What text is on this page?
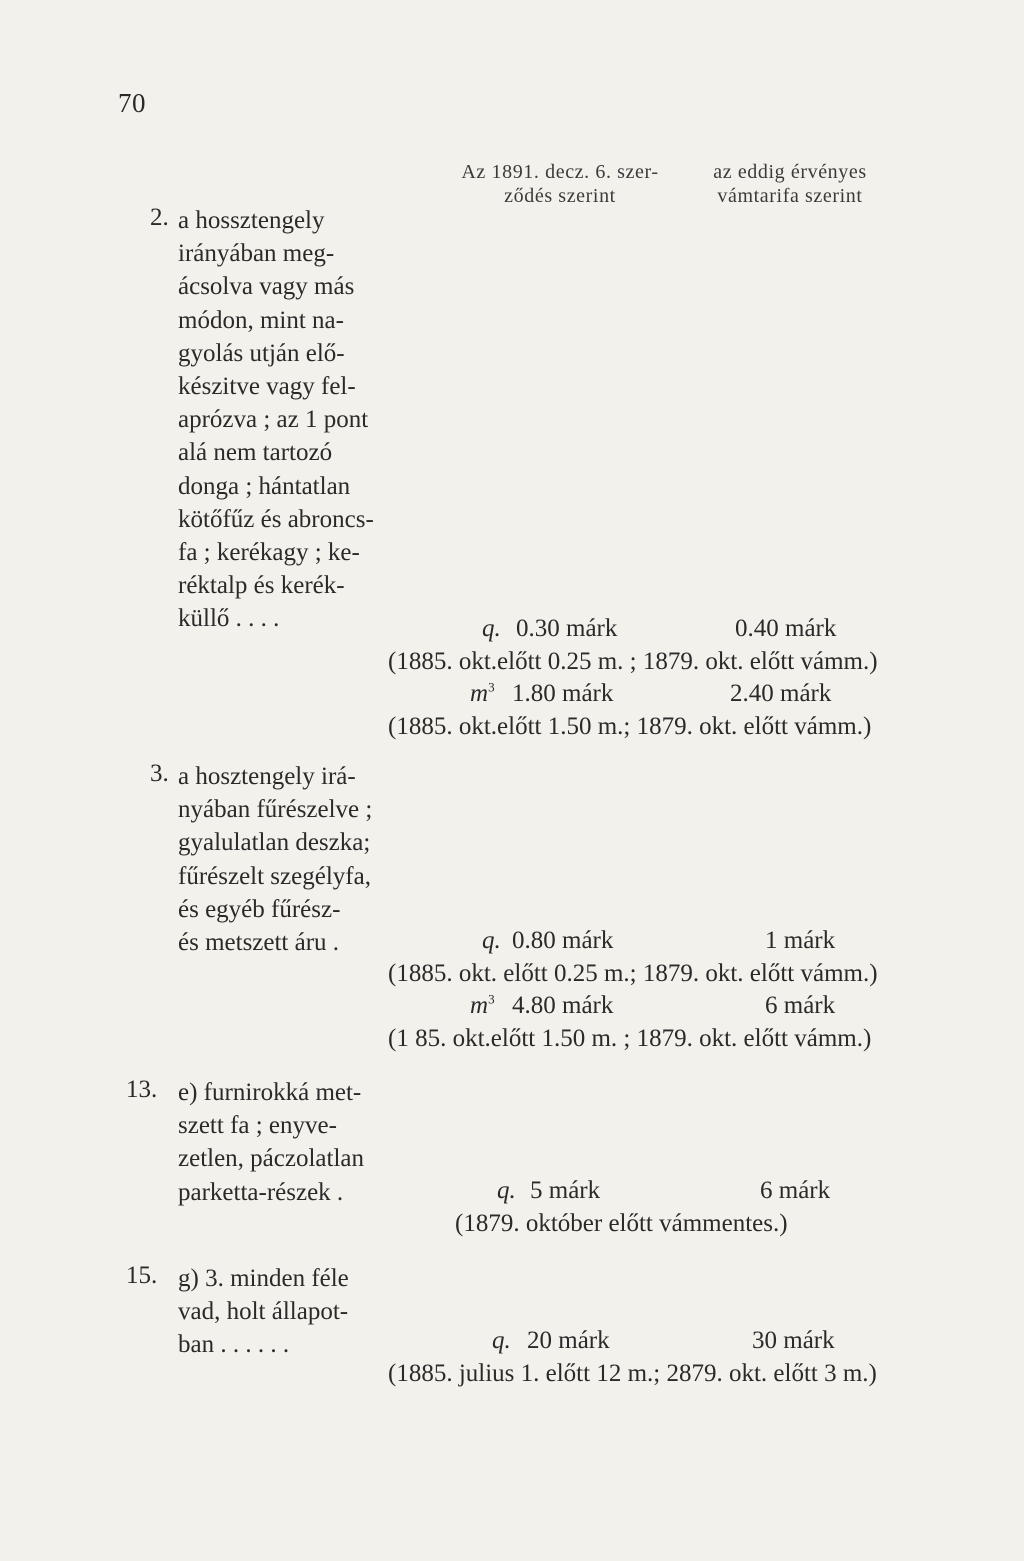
70
Az 1891. decz. 6. szer-
ződés szerint
az eddig érvényes
vámtarifa szerint
2. a hossztengely
irányában meg-
ácsolva vagy más
módon, mint na-
gyolás utján elő-
készitve vagy fel-
aprózva ; az 1 pont
alá nem tartozó
donga ; hántatlan
kötőfűz és abroncs-
fa ; kerékagy ; ke-
réktalp és kerék-
küllő . . . .	q. 0.30 márk	0.40 márk
(1885. okt.előtt 0.25 m. ; 1879. okt. előtt vámm.)
$m^3$ 1.80 márk	2.40 márk
(1885. okt.előtt 1.50 m.; 1879. okt. előtt vámm.)
3. a hosztengely irá-
nyában fűrészelve ;
gyalulatlan deszka;
fűrészelt szegélyfa,
és egyéb fűrész-
és metszett áru .	q. 0.80 márk	1 márk
(1885. okt. előtt 0.25 m.; 1879. okt. előtt vámm.)
$m^3$ 4.80 márk	6 márk
(1 85. okt.előtt 1.50 m. ; 1879. okt. előtt vámm.)
13. e) furnirokká met-
szett fa ; enyve-
zetlen, páczolatlan
parketta-részek .	q. 5 márk	6 márk
(1879. október előtt vámmentes.)
15. g) 3. minden féle
vad, holt állapot-
ban . . . . . .	q. 20 márk	30 márk
(1885. julius 1. előtt 12 m.; 2879. okt. előtt 3 m.)
